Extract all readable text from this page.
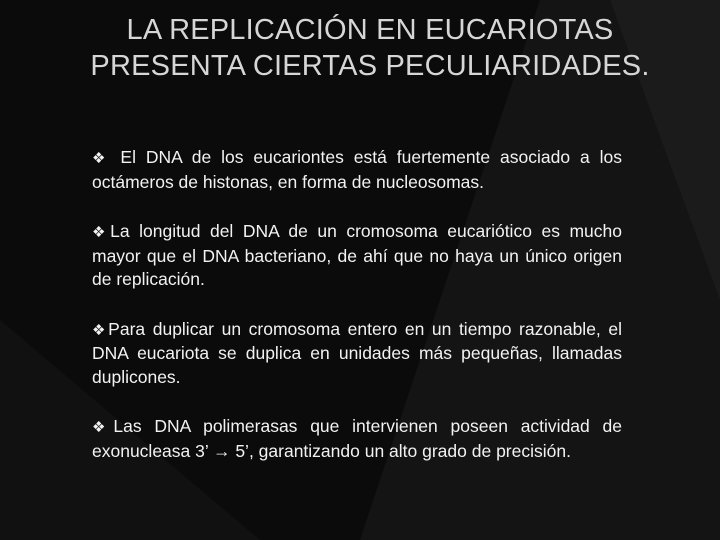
LA REPLICACIÓN EN EUCARIOTAS PRESENTA CIERTAS PECULIARIDADES.

❖ El DNA de los eucariontes está fuertemente asociado a los octámeros de histonas, en forma de nucleosomas.

❖La longitud del DNA de un cromosoma eucariótico es mucho mayor que el DNA bacteriano, de ahí que no haya un único origen de replicación.

❖Para duplicar un cromosoma entero en un tiempo razonable, el DNA eucariota se duplica en unidades más pequeñas, llamadas duplicones.

❖Las DNA polimerasas que intervienen poseen actividad de exonucleasa 3’ → 5’, garantizando un alto grado de precisión.
